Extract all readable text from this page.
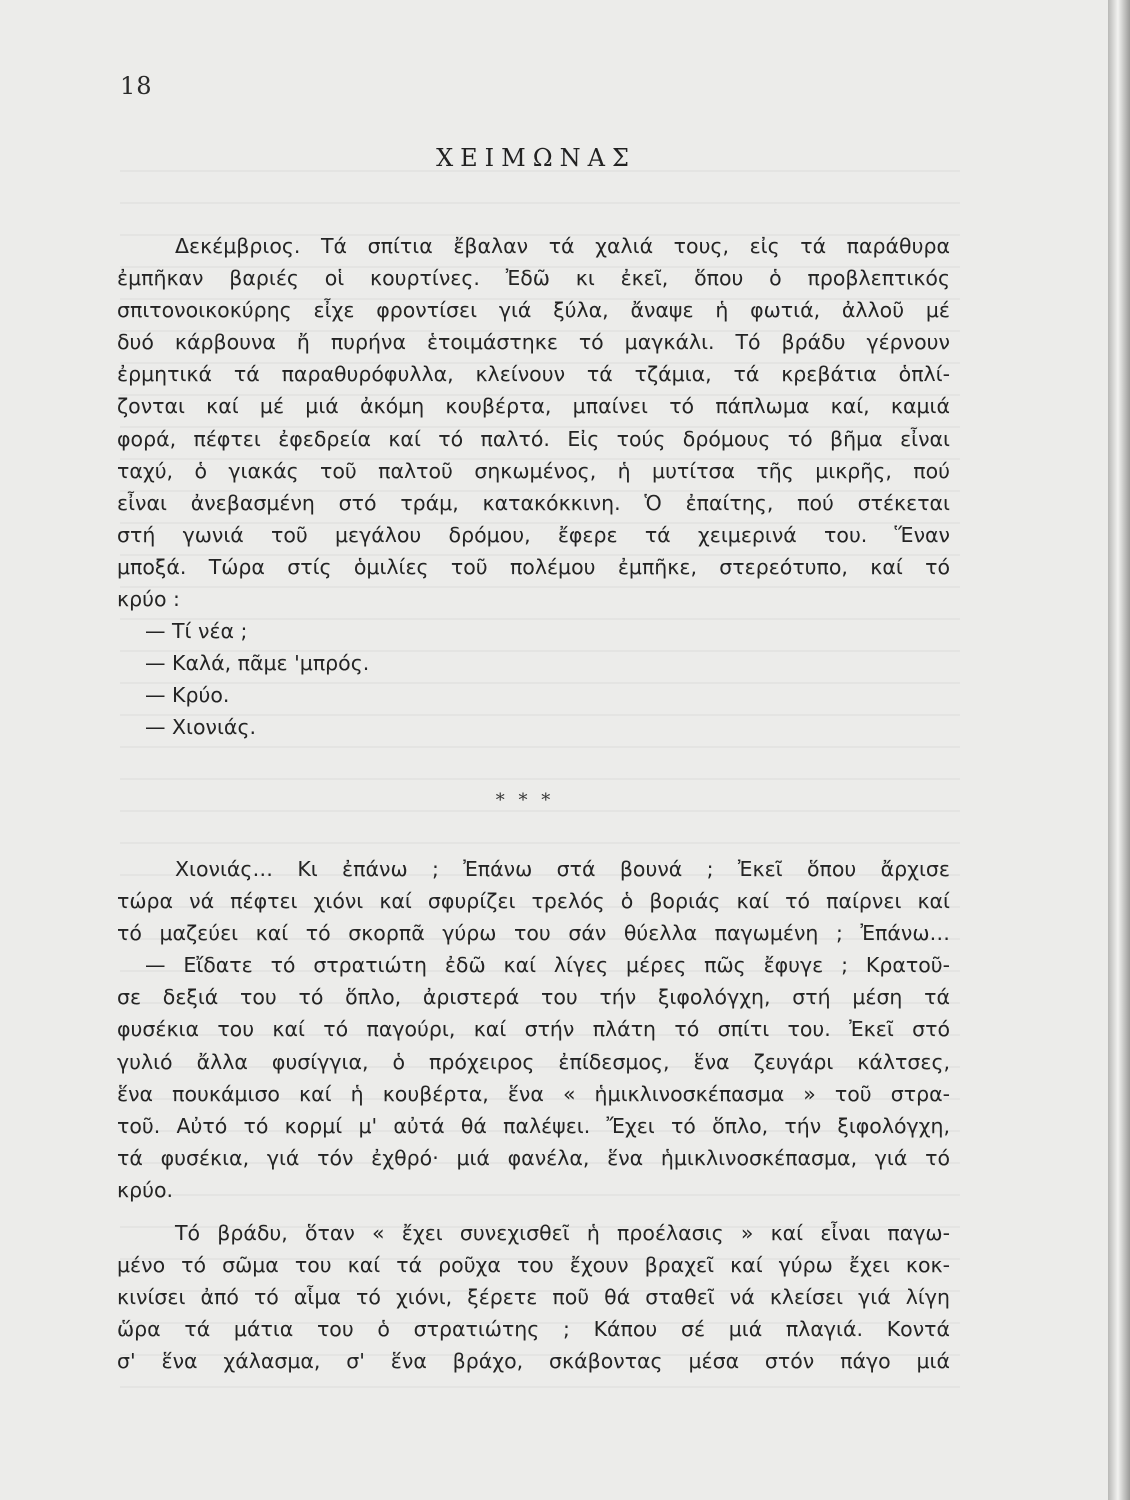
18
ΧΕΙΜΩΝΑΣ
Δεκέμβριος. Τά σπίτια ἔβαλαν τά χαλιά τους, εἰς τά παράθυρα
ἐμπῆκαν βαριές οἱ κουρτίνες. Ἐδῶ κι ἐκεῖ, ὅπου ὁ προβλεπτικός
σπιτονοικοκύρης εἶχε φροντίσει γιά ξύλα, ἄναψε ἡ φωτιά, ἀλλοῦ μέ
δυό κάρβουνα ἤ πυρήνα ἑτοιμάστηκε τό μαγκάλι. Τό βράδυ γέρνουν
ἐρμητικά τά παραθυρόφυλλα, κλείνουν τά τζάμια, τά κρεβάτια ὁπλί-
ζονται καί μέ μιά ἀκόμη κουβέρτα, μπαίνει τό πάπλωμα καί, καμιά
φορά, πέφτει ἐφεδρεία καί τό παλτό. Εἰς τούς δρόμους τό βῆμα εἶναι
ταχύ, ὁ γιακάς τοῦ παλτοῦ σηκωμένος, ἡ μυτίτσα τῆς μικρῆς, πού
εἶναι ἀνεβασμένη στό τράμ, κατακόκκινη. Ὁ ἐπαίτης, πού στέκεται
στή γωνιά τοῦ μεγάλου δρόμου, ἔφερε τά χειμερινά του. Ἕναν
μποξά. Τώρα στίς ὁμιλίες τοῦ πολέμου ἐμπῆκε, στερεότυπο, καί τό
κρύο :
— Τί νέα ;
— Καλά, πᾶμε 'μπρός.
— Κρύο.
— Χιονιάς.
* * *
Χιονιάς… Κι ἐπάνω ; Ἐπάνω στά βουνά ; Ἐκεῖ ὅπου ἄρχισε
τώρα νά πέφτει χιόνι καί σφυρίζει τρελός ὁ βοριάς καί τό παίρνει καί
τό μαζεύει καί τό σκορπᾶ γύρω του σάν θύελλα παγωμένη ; Ἐπάνω…
— Εἴδατε τό στρατιώτη ἐδῶ καί λίγες μέρες πῶς ἔφυγε ; Κρατοῦ-
σε δεξιά του τό ὅπλο, ἀριστερά του τήν ξιφολόγχη, στή μέση τά
φυσέκια του καί τό παγούρι, καί στήν πλάτη τό σπίτι του. Ἐκεῖ στό
γυλιό ἄλλα φυσίγγια, ὁ πρόχειρος ἐπίδεσμος, ἕνα ζευγάρι κάλτσες,
ἕνα πουκάμισο καί ἡ κουβέρτα, ἕνα « ἡμικλινοσκέπασμα » τοῦ στρα-
τοῦ. Αὐτό τό κορμί μ' αὐτά θά παλέψει. Ἔχει τό ὅπλο, τήν ξιφολόγχη,
τά φυσέκια, γιά τόν ἐχθρό· μιά φανέλα, ἕνα ἡμικλινοσκέπασμα, γιά τό
κρύο.
Τό βράδυ, ὅταν « ἔχει συνεχισθεῖ ἡ προέλασις » καί εἶναι παγω-
μένο τό σῶμα του καί τά ροῦχα του ἔχουν βραχεῖ καί γύρω ἔχει κοκ-
κινίσει ἀπό τό αἷμα τό χιόνι, ξέρετε ποῦ θά σταθεῖ νά κλείσει γιά λίγη
ὥρα τά μάτια του ὁ στρατιώτης ; Κάπου σέ μιά πλαγιά. Κοντά
σ' ἕνα χάλασμα, σ' ἕνα βράχο, σκάβοντας μέσα στόν πάγο μιά
